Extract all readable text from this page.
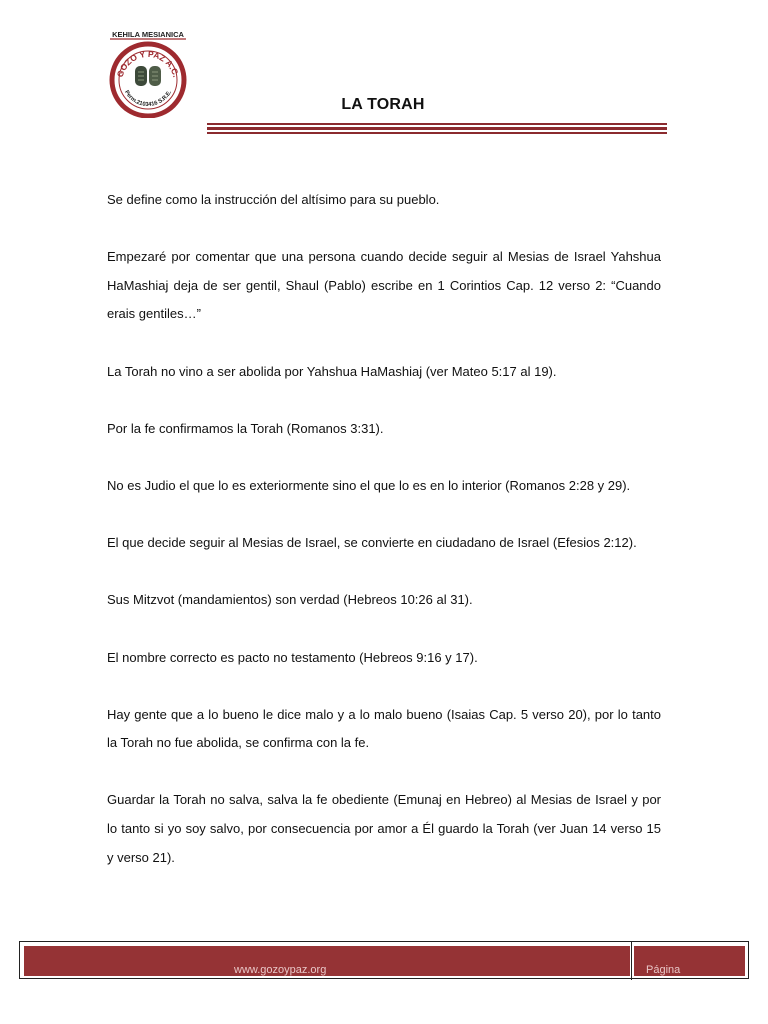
KEHILA MESIANICA
GOZO Y PAZ A.C.
Perm.2103416 S.R.E.
LA TORAH

Se define como la instrucción del altísimo para su pueblo.

Empezaré por comentar que una persona cuando decide seguir al Mesias de Israel Yahshua HaMashiaj deja de ser gentil, Shaul (Pablo) escribe en 1 Corintios Cap. 12 verso 2: “Cuando erais gentiles…”

La Torah no vino a ser abolida por Yahshua HaMashiaj (ver Mateo 5:17 al 19).

Por la fe confirmamos la Torah (Romanos 3:31).

No es Judio el que lo es exteriormente sino el que lo es en lo interior (Romanos 2:28 y 29).

El que decide seguir al Mesias de Israel, se convierte en ciudadano de Israel (Efesios 2:12).

Sus Mitzvot (mandamientos) son verdad (Hebreos 10:26 al 31).

El nombre correcto es pacto no testamento (Hebreos 9:16 y 17).

Hay gente que a lo bueno le dice malo y a lo malo bueno (Isaias Cap. 5 verso 20), por lo tanto la Torah no fue abolida, se confirma con la fe.

Guardar la Torah no salva, salva la fe obediente (Emunaj en Hebreo) al Mesias de Israel y por lo tanto si yo soy salvo, por consecuencia por amor a Él guardo la Torah (ver Juan 14 verso 15 y verso 21).

www.gozoypaz.org	Página
